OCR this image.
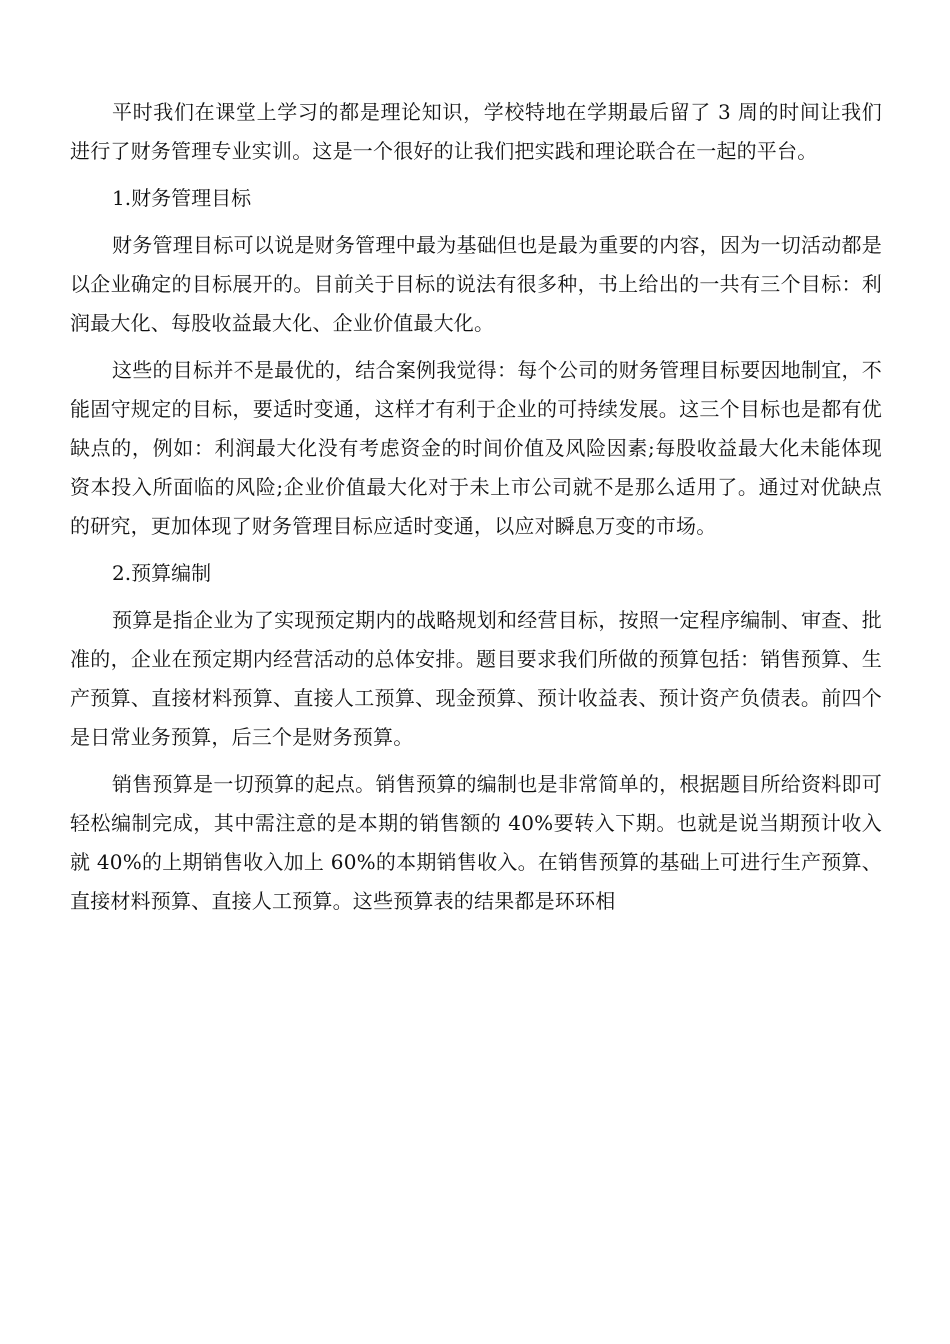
平时我们在课堂上学习的都是理论知识，学校特地在学期最后留了 3 周的时间让我们进行了财务管理专业实训。这是一个很好的让我们把实践和理论联合在一起的平台。

1.财务管理目标

财务管理目标可以说是财务管理中最为基础但也是最为重要的内容，因为一切活动都是以企业确定的目标展开的。目前关于目标的说法有很多种，书上给出的一共有三个目标：利润最大化、每股收益最大化、企业价值最大化。

这些的目标并不是最优的，结合案例我觉得：每个公司的财务管理目标要因地制宜，不能固守规定的目标，要适时变通，这样才有利于企业的可持续发展。这三个目标也是都有优缺点的，例如：利润最大化没有考虑资金的时间价值及风险因素;每股收益最大化未能体现资本投入所面临的风险;企业价值最大化对于未上市公司就不是那么适用了。通过对优缺点的研究，更加体现了财务管理目标应适时变通，以应对瞬息万变的市场。

2.预算编制

预算是指企业为了实现预定期内的战略规划和经营目标，按照一定程序编制、审查、批准的，企业在预定期内经营活动的总体安排。题目要求我们所做的预算包括：销售预算、生产预算、直接材料预算、直接人工预算、现金预算、预计收益表、预计资产负债表。前四个是日常业务预算，后三个是财务预算。

销售预算是一切预算的起点。销售预算的编制也是非常简单的，根据题目所给资料即可轻松编制完成，其中需注意的是本期的销售额的 40%要转入下期。也就是说当期预计收入就 40%的上期销售收入加上 60%的本期销售收入。在销售预算的基础上可进行生产预算、直接材料预算、直接人工预算。这些预算表的结果都是环环相
